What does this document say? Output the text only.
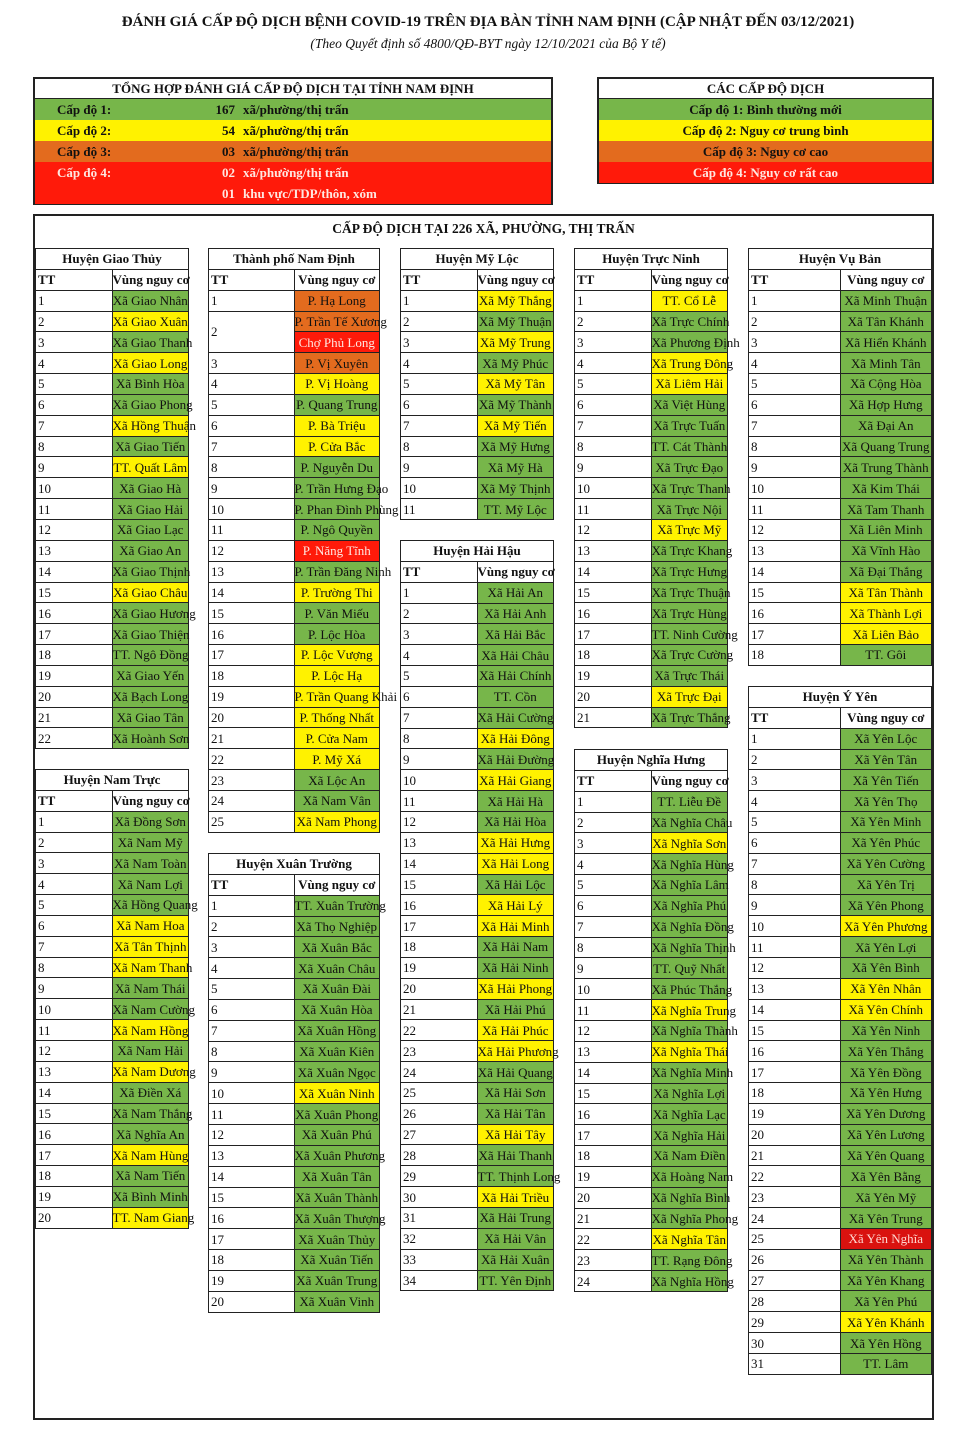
ĐÁNH GIÁ CẤP ĐỘ DỊCH BỆNH COVID-19 TRÊN ĐỊA BÀN TỈNH NAM ĐỊNH (CẬP NHẬT ĐẾN 03/12/2021)
(Theo Quyết định số 4800/QĐ-BYT ngày 12/10/2021 của Bộ Y tế)
TỔNG HỢP ĐÁNH GIÁ CẤP ĐỘ DỊCH TẠI TỈNH NAM ĐỊNH
Cấp độ 1:	167 xã/phường/thị trấn
Cấp độ 2:	54 xã/phường/thị trấn
Cấp độ 3:	03 xã/phường/thị trấn
Cấp độ 4:	02 xã/phường/thị trấn
01 khu vực/TDP/thôn, xóm
CÁC CẤP ĐỘ DỊCH
Cấp độ 1: Bình thường mới
Cấp độ 2: Nguy cơ trung bình
Cấp độ 3: Nguy cơ cao
Cấp độ 4: Nguy cơ rất cao
CẤP ĐỘ DỊCH TẠI 226 XÃ, PHƯỜNG, THỊ TRẤN
Huyện Giao Thủy	
TT	Vùng nguy cơ
1	Xã Giao Nhân
2	Xã Giao Xuân
3	Xã Giao Thanh
4	Xã Giao Long
5	Xã Bình Hòa
6	Xã Giao Phong
7	Xã Hồng Thuận
8	Xã Giao Tiến
9	TT. Quất Lâm
10	Xã Giao Hà
11	Xã Giao Hải
12	Xã Giao Lạc
13	Xã Giao An
14	Xã Giao Thịnh
15	Xã Giao Châu
16	Xã Giao Hương
17	Xã Giao Thiện
18	TT. Ngô Đồng
19	Xã Giao Yến
20	Xã Bạch Long
21	Xã Giao Tân
22	Xã Hoành Sơn
Huyện Nam Trực	
TT	Vùng nguy cơ
1	Xã Đồng Sơn
2	Xã Nam Mỹ
3	Xã Nam Toàn
4	Xã Nam Lợi
5	Xã Hồng Quang
6	Xã Nam Hoa
7	Xã Tân Thịnh
8	Xã Nam Thanh
9	Xã Nam Thái
10	Xã Nam Cường
11	Xã Nam Hồng
12	Xã Nam Hải
13	Xã Nam Dương
14	Xã Điền Xá
15	Xã Nam Thắng
16	Xã Nghĩa An
17	Xã Nam Hùng
18	Xã Nam Tiến
19	Xã Bình Minh
20	TT. Nam Giang
Thành phố Nam Định	
TT	Vùng nguy cơ
1	P. Hạ Long
2	P. Trần Tế Xương
	Chợ Phủ Long
3	P. Vị Xuyên
4	P. Vị Hoàng
5	P. Quang Trung
6	P. Bà Triệu
7	P. Cửa Bắc
8	P. Nguyễn Du
9	P. Trần Hưng Đạo
10	P. Phan Đình Phùng
11	P. Ngô Quyền
12	P. Năng Tĩnh
13	P. Trần Đăng Ninh
14	P. Trường Thi
15	P. Văn Miếu
16	P. Lộc Hòa
17	P. Lộc Vượng
18	P. Lộc Hạ
19	P. Trần Quang Khải
20	P. Thống Nhất
21	P. Cửa Nam
22	P. Mỹ Xá
23	Xã Lộc An
24	Xã Nam Vân
25	Xã Nam Phong
Huyện Xuân Trường	
TT	Vùng nguy cơ
1	TT. Xuân Trường
2	Xã Thọ Nghiệp
3	Xã Xuân Bắc
4	Xã Xuân Châu
5	Xã Xuân Đài
6	Xã Xuân Hòa
7	Xã Xuân Hồng
8	Xã Xuân Kiên
9	Xã Xuân Ngọc
10	Xã Xuân Ninh
11	Xã Xuân Phong
12	Xã Xuân Phú
13	Xã Xuân Phương
14	Xã Xuân Tân
15	Xã Xuân Thành
16	Xã Xuân Thượng
17	Xã Xuân Thủy
18	Xã Xuân Tiến
19	Xã Xuân Trung
20	Xã Xuân Vinh
Huyện Mỹ Lộc	
TT	Vùng nguy cơ
1	Xã Mỹ Thắng
2	Xã Mỹ Thuận
3	Xã Mỹ Trung
4	Xã Mỹ Phúc
5	Xã Mỹ Tân
6	Xã Mỹ Thành
7	Xã Mỹ Tiến
8	Xã Mỹ Hưng
9	Xã Mỹ Hà
10	Xã Mỹ Thịnh
11	TT. Mỹ Lộc
Huyện Hải Hậu	
TT	Vùng nguy cơ
1	Xã Hải An
2	Xã Hải Anh
3	Xã Hải Bắc
4	Xã Hải Châu
5	Xã Hải Chính
6	TT. Cồn
7	Xã Hải Cường
8	Xã Hải Đông
9	Xã Hải Đường
10	Xã Hải Giang
11	Xã Hải Hà
12	Xã Hải Hòa
13	Xã Hải Hưng
14	Xã Hải Long
15	Xã Hải Lộc
16	Xã Hải Lý
17	Xã Hải Minh
18	Xã Hải Nam
19	Xã Hải Ninh
20	Xã Hải Phong
21	Xã Hải Phú
22	Xã Hải Phúc
23	Xã Hải Phương
24	Xã Hải Quang
25	Xã Hải Sơn
26	Xã Hải Tân
27	Xã Hải Tây
28	Xã Hải Thanh
29	TT. Thịnh Long
30	Xã Hải Triều
31	Xã Hải Trung
32	Xã Hải Vân
33	Xã Hải Xuân
34	TT. Yên Định
Huyện Trực Ninh	
TT	Vùng nguy cơ
1	TT. Cổ Lễ
2	Xã Trực Chính
3	Xã Phương Định
4	Xã Trung Đông
5	Xã Liêm Hải
6	Xã Việt Hùng
7	Xã Trực Tuấn
8	TT. Cát Thành
9	Xã Trực Đạo
10	Xã Trực Thanh
11	Xã Trực Nội
12	Xã Trực Mỹ
13	Xã Trực Khang
14	Xã Trực Hưng
15	Xã Trực Thuận
16	Xã Trực Hùng
17	TT. Ninh Cường
18	Xã Trực Cường
19	Xã Trực Thái
20	Xã Trực Đại
21	Xã Trực Thắng
Huyện Nghĩa Hưng	
TT	Vùng nguy cơ
1	TT. Liễu Đề
2	Xã Nghĩa Châu
3	Xã Nghĩa Sơn
4	Xã Nghĩa Hùng
5	Xã Nghĩa Lâm
6	Xã Nghĩa Phú
7	Xã Nghĩa Đồng
8	Xã Nghĩa Thịnh
9	TT. Quỹ Nhất
10	Xã Phúc Thắng
11	Xã Nghĩa Trung
12	Xã Nghĩa Thành
13	Xã Nghĩa Thái
14	Xã Nghĩa Minh
15	Xã Nghĩa Lợi
16	Xã Nghĩa Lạc
17	Xã Nghĩa Hải
18	Xã Nam Điền
19	Xã Hoàng Nam
20	Xã Nghĩa Bình
21	Xã Nghĩa Phong
22	Xã Nghĩa Tân
23	TT. Rạng Đông
24	Xã Nghĩa Hồng
Huyện Vụ Bản	
TT	Vùng nguy cơ
1	Xã Minh Thuận
2	Xã Tân Khánh
3	Xã Hiển Khánh
4	Xã Minh Tân
5	Xã Cộng Hòa
6	Xã Hợp Hưng
7	Xã Đại An
8	Xã Quang Trung
9	Xã Trung Thành
10	Xã Kim Thái
11	Xã Tam Thanh
12	Xã Liên Minh
13	Xã Vĩnh Hào
14	Xã Đại Thắng
15	Xã Tân Thành
16	Xã Thành Lợi
17	Xã Liên Bảo
18	TT. Gôi
Huyện Ý Yên	
TT	Vùng nguy cơ
1	Xã Yên Lộc
2	Xã Yên Tân
3	Xã Yên Tiến
4	Xã Yên Thọ
5	Xã Yên Minh
6	Xã Yên Phúc
7	Xã Yên Cường
8	Xã Yên Trị
9	Xã Yên Phong
10	Xã Yên Phương
11	Xã Yên Lợi
12	Xã Yên Bình
13	Xã Yên Nhân
14	Xã Yên Chính
15	Xã Yên Ninh
16	Xã Yên Thắng
17	Xã Yên Đồng
18	Xã Yên Hưng
19	Xã Yên Dương
20	Xã Yên Lương
21	Xã Yên Quang
22	Xã Yên Bằng
23	Xã Yên Mỹ
24	Xã Yên Trung
25	Xã Yên Nghĩa
26	Xã Yên Thành
27	Xã Yên Khang
28	Xã Yên Phú
29	Xã Yên Khánh
30	Xã Yên Hồng
31	TT. Lâm
